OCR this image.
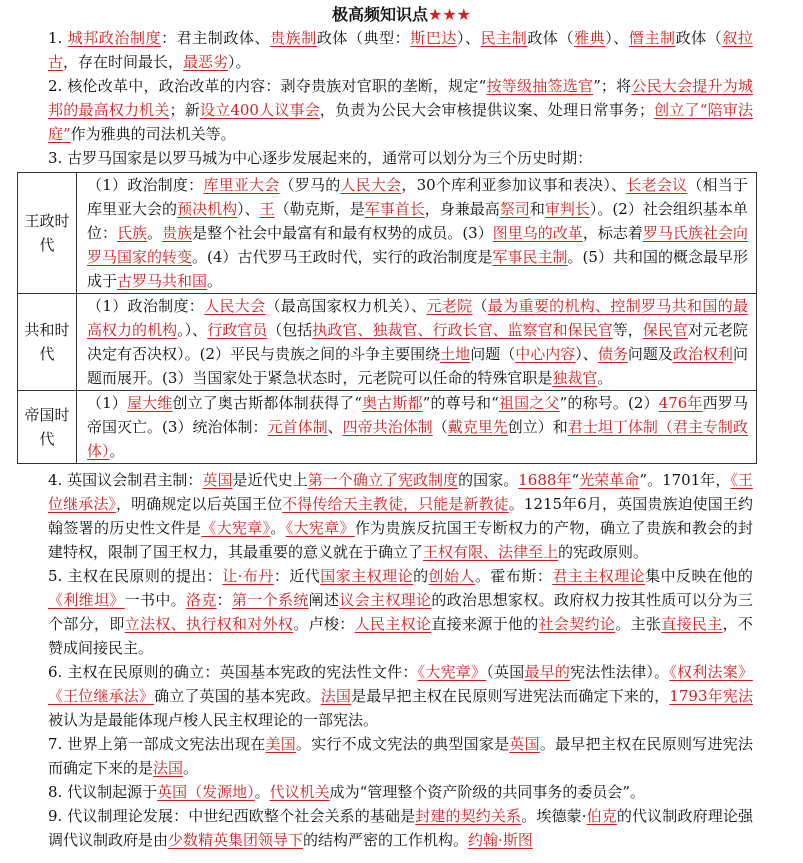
极高频知识点★★★
1. 城邦政治制度：君主制政体、贵族制政体（典型：斯巴达）、民主制政体（雅典）、僭主制政体（叙拉古，存在时间最长，最恶劣）。
2. 核伦改革中，政治改革的内容：剥夺贵族对官职的垄断，规定“按等级抽签选官”；将公民大会提升为城邦的最高权力机关；新设立400人议事会，负责为公民大会审核提供议案、处理日常事务；创立了“陪审法庭”作为雅典的司法机关等。
3. 古罗马国家是以罗马城为中心逐步发展起来的，通常可以划分为三个历史时期：
王政时代	（1）政治制度：库里亚大会（罗马的人民大会，30个库利亚参加议事和表决）、长老会议（相当于库里亚大会的预决机构）、王（勒克斯，是军事首长，身兼最高祭司和审判长）。(2）社会组织基本单位：氏族。贵族是整个社会中最富有和最有权势的成员。(3）图里乌的改革，标志着罗马氏族社会向罗马国家的转变。(4）古代罗马王政时代，实行的政治制度是军事民主制。(5）共和国的概念最早形成于古罗马共和国。
共和时代	（1）政治制度：人民大会（最高国家权力机关）、元老院（最为重要的机构、控制罗马共和国的最高权力的机构。）、行政官员（包括执政官、独裁官、行政长官、监察官和保民官等，保民官对元老院决定有否决权）。(2）平民与贵族之间的斗争主要围绕土地问题（中心内容）、债务问题及政治权利问题而展开。(3）当国家处于紧急状态时，元老院可以任命的特殊官职是独裁官。
帝国时代	（1）屋大维创立了奥古斯都体制获得了“奥古斯都”的尊号和“祖国之父”的称号。(2）476年西罗马帝国灭亡。(3）统治体制：元首体制、四帝共治体制（戴克里先创立）和君士坦丁体制（君主专制政体）。
4. 英国议会制君主制：英国是近代史上第一个确立了宪政制度的国家。1688年“光荣革命”。1701年，《王位继承法》，明确规定以后英国王位不得传给天主教徒，只能是新教徒。1215年6月，英国贵族迫使国王约翰签署的历史性文件是《大宪章》。《大宪章》作为贵族反抗国王专断权力的产物，确立了贵族和教会的封建特权，限制了国王权力，其最重要的意义就在于确立了王权有限、法律至上的宪政原则。
5. 主权在民原则的提出：让·布丹：近代国家主权理论的创始人。霍布斯：君主主权理论集中反映在他的《利维坦》一书中。洛克：第一个系统阐述议会主权理论的政治思想家权。政府权力按其性质可以分为三个部分，即立法权、执行权和对外权。卢梭：人民主权论直接来源于他的社会契约论。主张直接民主，不赞成间接民主。
6. 主权在民原则的确立：英国基本宪政的宪法性文件：《大宪章》（英国最早的宪法性法律）。《权利法案》《王位继承法》确立了英国的基本宪政。法国是最早把主权在民原则写进宪法而确定下来的，1793年宪法被认为是最能体现卢梭人民主权理论的一部宪法。
7. 世界上第一部成文宪法出现在美国。实行不成文宪法的典型国家是英国。最早把主权在民原则写进宪法而确定下来的是法国。
8. 代议制起源于英国（发源地）。代议机关成为“管理整个资产阶级的共同事务的委员会”。
9. 代议制理论发展：中世纪西欧整个社会关系的基础是封建的契约关系。埃德蒙·伯克的代议制政府理论强调代议制政府是由少数精英集团领导下的结构严密的工作机构。约翰·斯图
